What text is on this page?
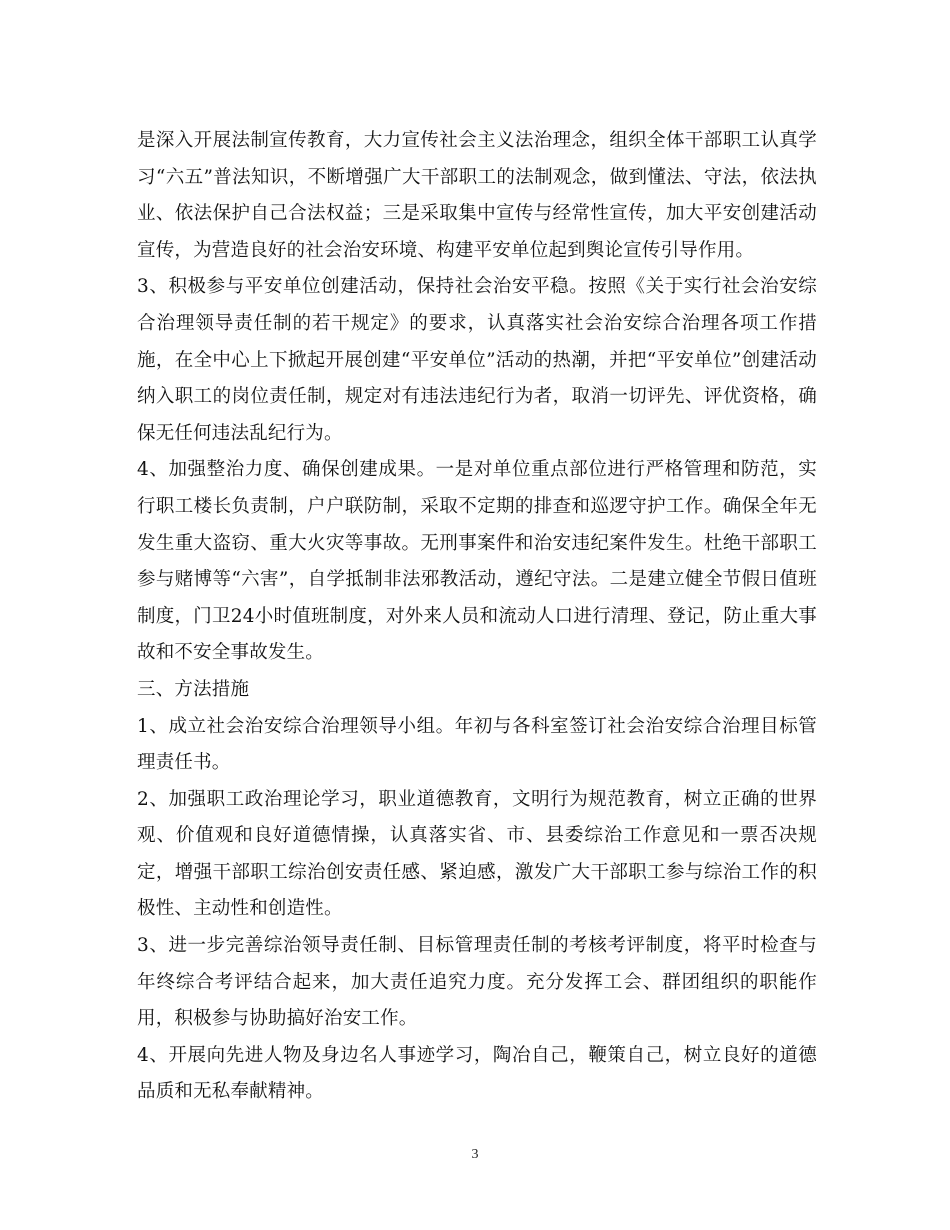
是深入开展法制宣传教育，大力宣传社会主义法治理念，组织全体干部职工认真学习“六五”普法知识，不断增强广大干部职工的法制观念，做到懂法、守法，依法执业、依法保护自己合法权益；三是采取集中宣传与经常性宣传，加大平安创建活动宣传，为营造良好的社会治安环境、构建平安单位起到舆论宣传引导作用。

3、积极参与平安单位创建活动，保持社会治安平稳。按照《关于实行社会治安综合治理领导责任制的若干规定》的要求，认真落实社会治安综合治理各项工作措施，在全中心上下掀起开展创建“平安单位”活动的热潮，并把“平安单位”创建活动纳入职工的岗位责任制，规定对有违法违纪行为者，取消一切评先、评优资格，确保无任何违法乱纪行为。

4、加强整治力度、确保创建成果。一是对单位重点部位进行严格管理和防范，实行职工楼长负责制，户户联防制，采取不定期的排查和巡逻守护工作。确保全年无发生重大盗窃、重大火灾等事故。无刑事案件和治安违纪案件发生。杜绝干部职工参与赌博等“六害”，自学抵制非法邪教活动，遵纪守法。二是建立健全节假日值班制度，门卫24小时值班制度，对外来人员和流动人口进行清理、登记，防止重大事故和不安全事故发生。

三、方法措施

1、成立社会治安综合治理领导小组。年初与各科室签订社会治安综合治理目标管理责任书。

2、加强职工政治理论学习，职业道德教育，文明行为规范教育，树立正确的世界观、价值观和良好道德情操，认真落实省、市、县委综治工作意见和一票否决规定，增强干部职工综治创安责任感、紧迫感，激发广大干部职工参与综治工作的积极性、主动性和创造性。

3、进一步完善综治领导责任制、目标管理责任制的考核考评制度，将平时检查与年终综合考评结合起来，加大责任追究力度。充分发挥工会、群团组织的职能作用，积极参与协助搞好治安工作。

4、开展向先进人物及身边名人事迹学习，陶冶自己，鞭策自己，树立良好的道德品质和无私奉献精神。

3
